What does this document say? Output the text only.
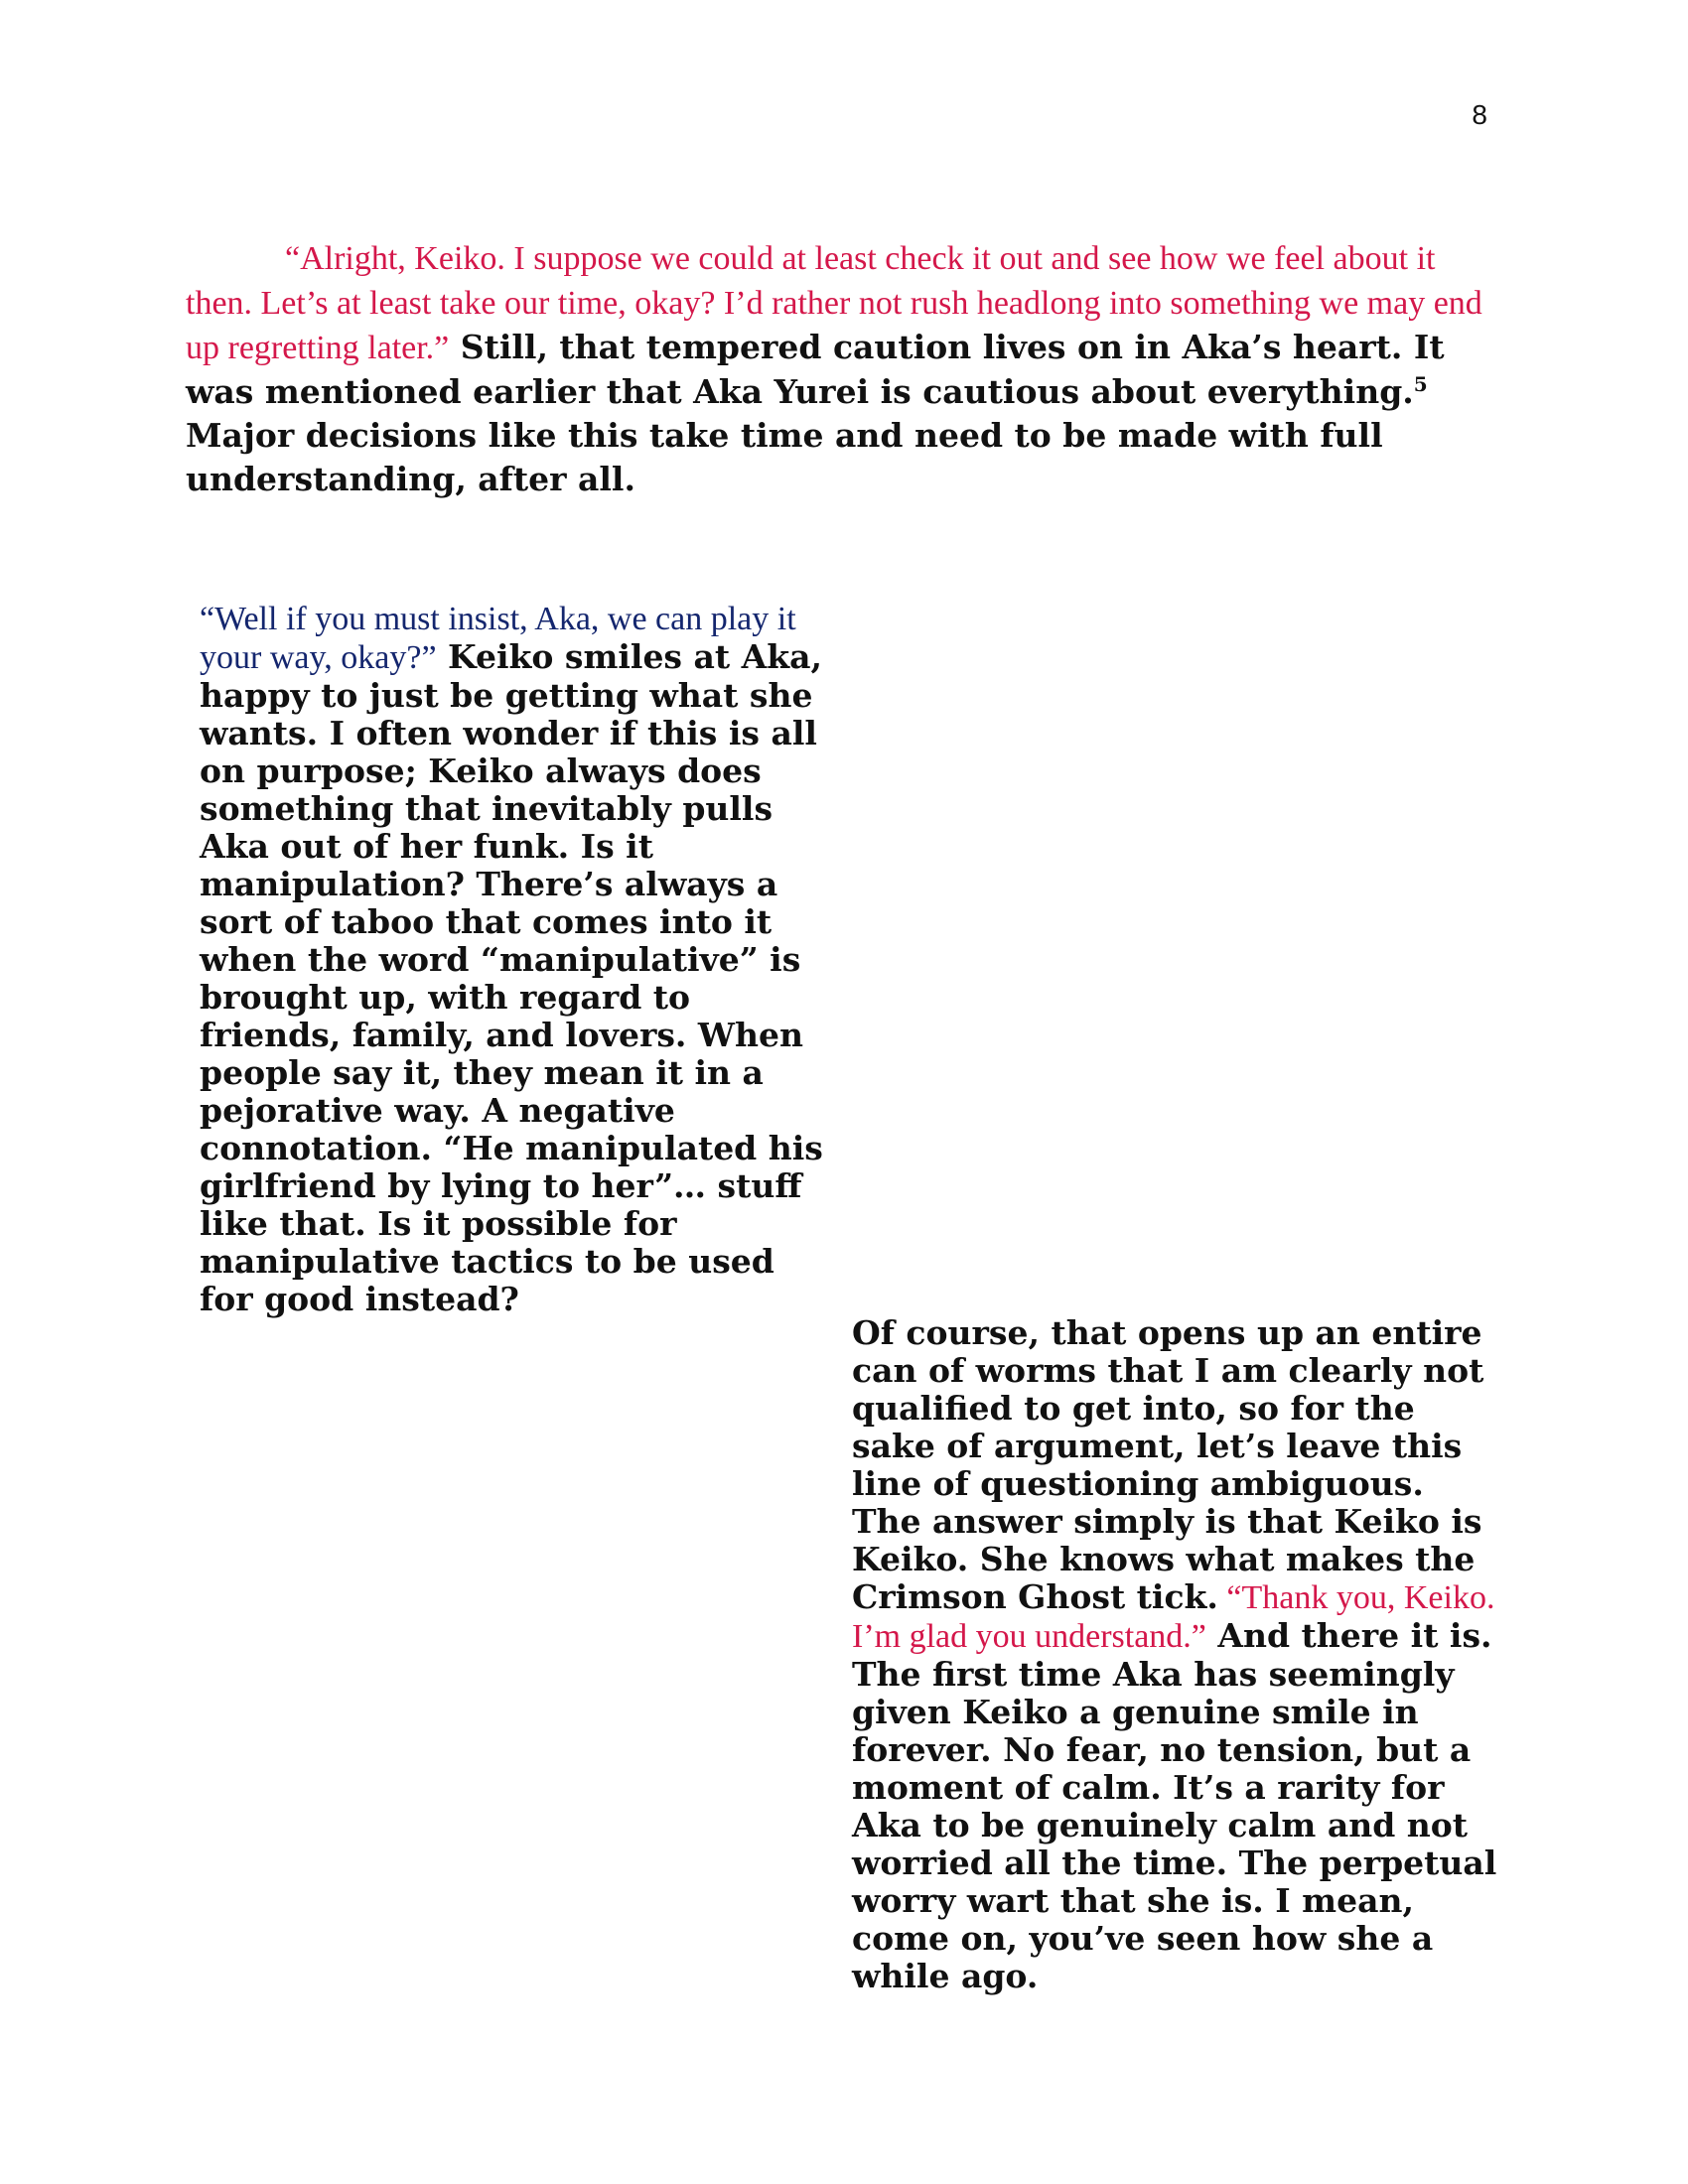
8

“Alright, Keiko. I suppose we could at least check it out and see how we feel about it then. Let’s at least take our time, okay? I’d rather not rush headlong into something we may end up regretting later.” Still, that tempered caution lives on in Aka’s heart. It was mentioned earlier that Aka Yurei is cautious about everything.$^5$ Major decisions like this take time and need to be made with full understanding, after all.

“Well if you must insist, Aka, we can play it your way, okay?” Keiko smiles at Aka, happy to just be getting what she wants. I often wonder if this is all on purpose; Keiko always does something that inevitably pulls Aka out of her funk. Is it manipulation? There’s always a sort of taboo that comes into it when the word “manipulative” is brought up, with regard to friends, family, and lovers. When people say it, they mean it in a pejorative way. A negative connotation. “He manipulated his girlfriend by lying to her”… stuff like that. Is it possible for manipulative tactics to be used for good instead?

Of course, that opens up an entire can of worms that I am clearly not qualified to get into, so for the sake of argument, let’s leave this line of questioning ambiguous. The answer simply is that Keiko is Keiko. She knows what makes the Crimson Ghost tick. “Thank you, Keiko. I’m glad you understand.” And there it is. The first time Aka has seemingly given Keiko a genuine smile in forever. No fear, no tension, but a moment of calm. It’s a rarity for Aka to be genuinely calm and not worried all the time. The perpetual worry wart that she is. I mean, come on, you’ve seen how she a while ago.
